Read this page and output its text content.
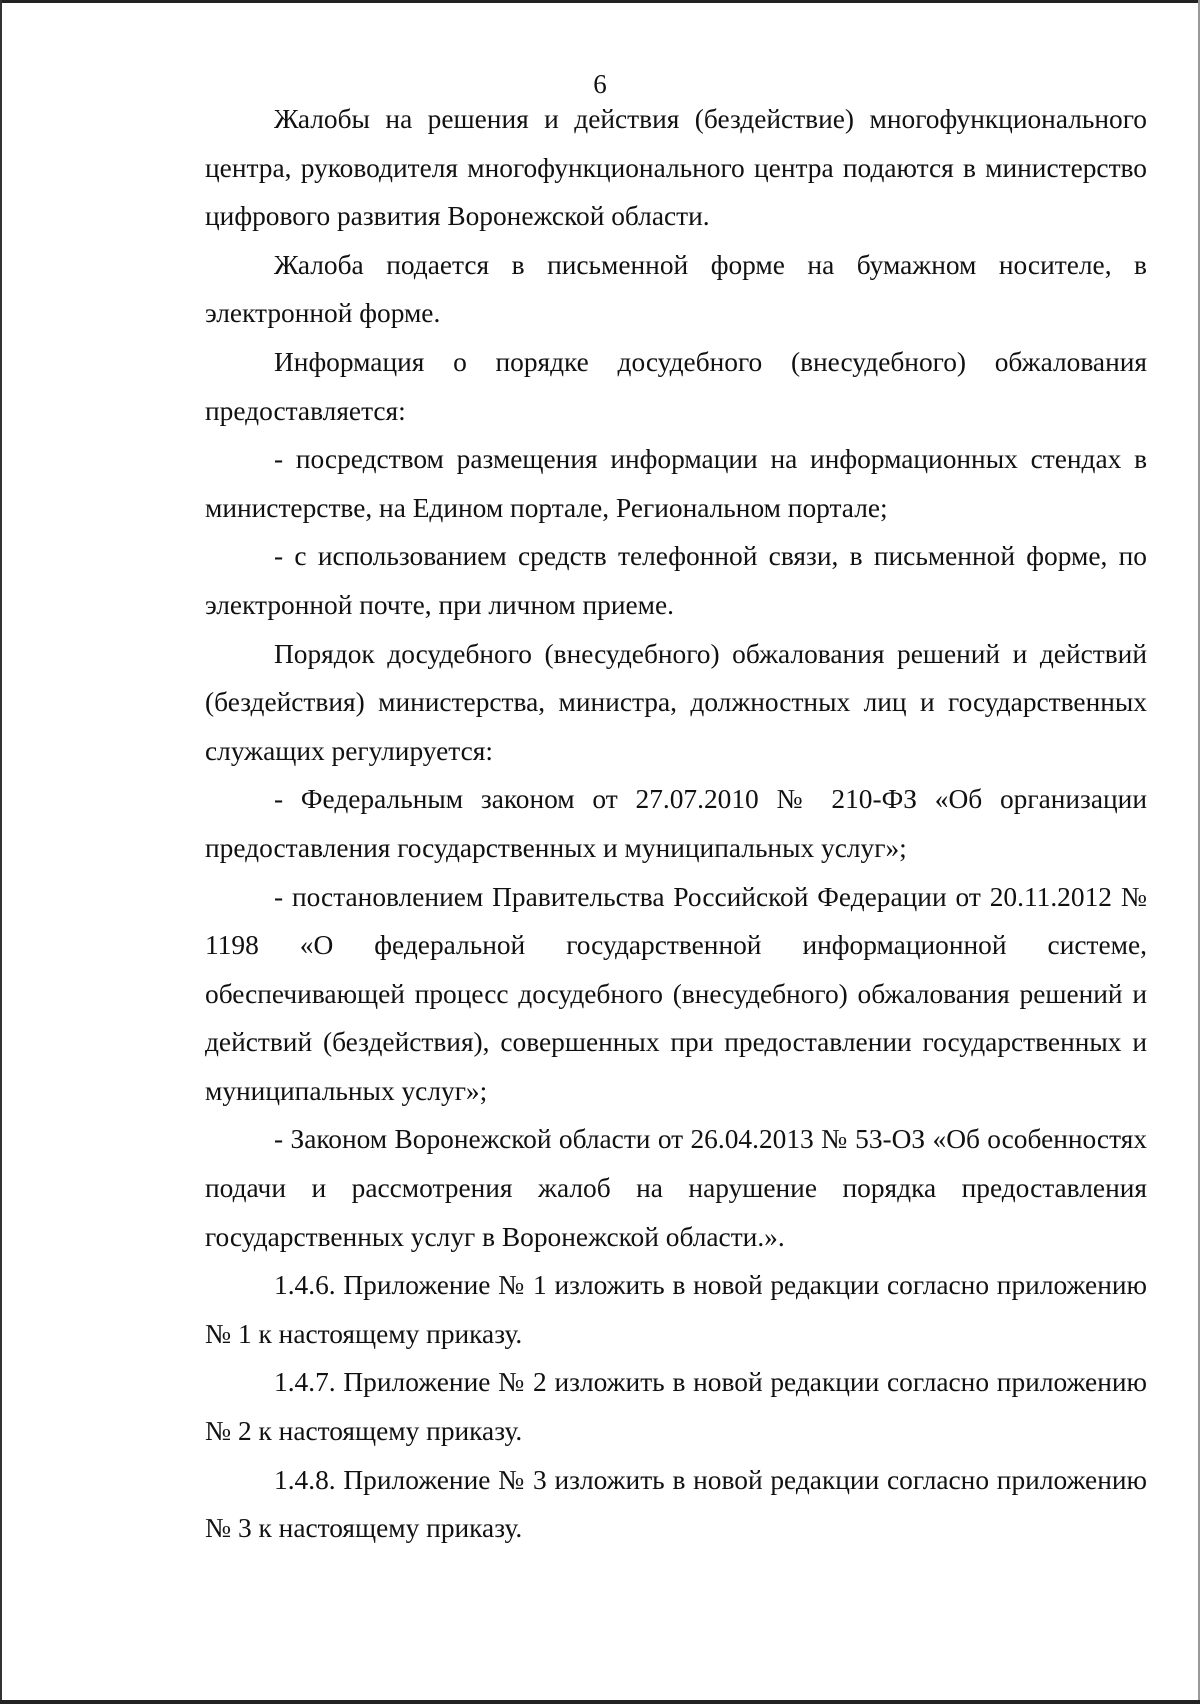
6

Жалобы на решения и действия (бездействие) многофункционального центра, руководителя многофункционального центра подаются в министерство цифрового развития Воронежской области.

Жалоба подается в письменной форме на бумажном носителе, в электронной форме.

Информация о порядке досудебного (внесудебного) обжалования предоставляется:

- посредством размещения информации на информационных стендах в министерстве, на Едином портале, Региональном портале;

- с использованием средств телефонной связи, в письменной форме, по электронной почте, при личном приеме.

Порядок досудебного (внесудебного) обжалования решений и действий (бездействия) министерства, министра, должностных лиц и государственных служащих регулируется:

- Федеральным законом от 27.07.2010 № 210-ФЗ «Об организации предоставления государственных и муниципальных услуг»;

- постановлением Правительства Российской Федерации от 20.11.2012 № 1198 «О федеральной государственной информационной системе, обеспечивающей процесс досудебного (внесудебного) обжалования решений и действий (бездействия), совершенных при предоставлении государственных и муниципальных услуг»;

- Законом Воронежской области от 26.04.2013 № 53-ОЗ «Об особенностях подачи и рассмотрения жалоб на нарушение порядка предоставления государственных услуг в Воронежской области.».

1.4.6. Приложение № 1 изложить в новой редакции согласно приложению № 1 к настоящему приказу.

1.4.7. Приложение № 2 изложить в новой редакции согласно приложению № 2 к настоящему приказу.

1.4.8. Приложение № 3 изложить в новой редакции согласно приложению № 3 к настоящему приказу.
